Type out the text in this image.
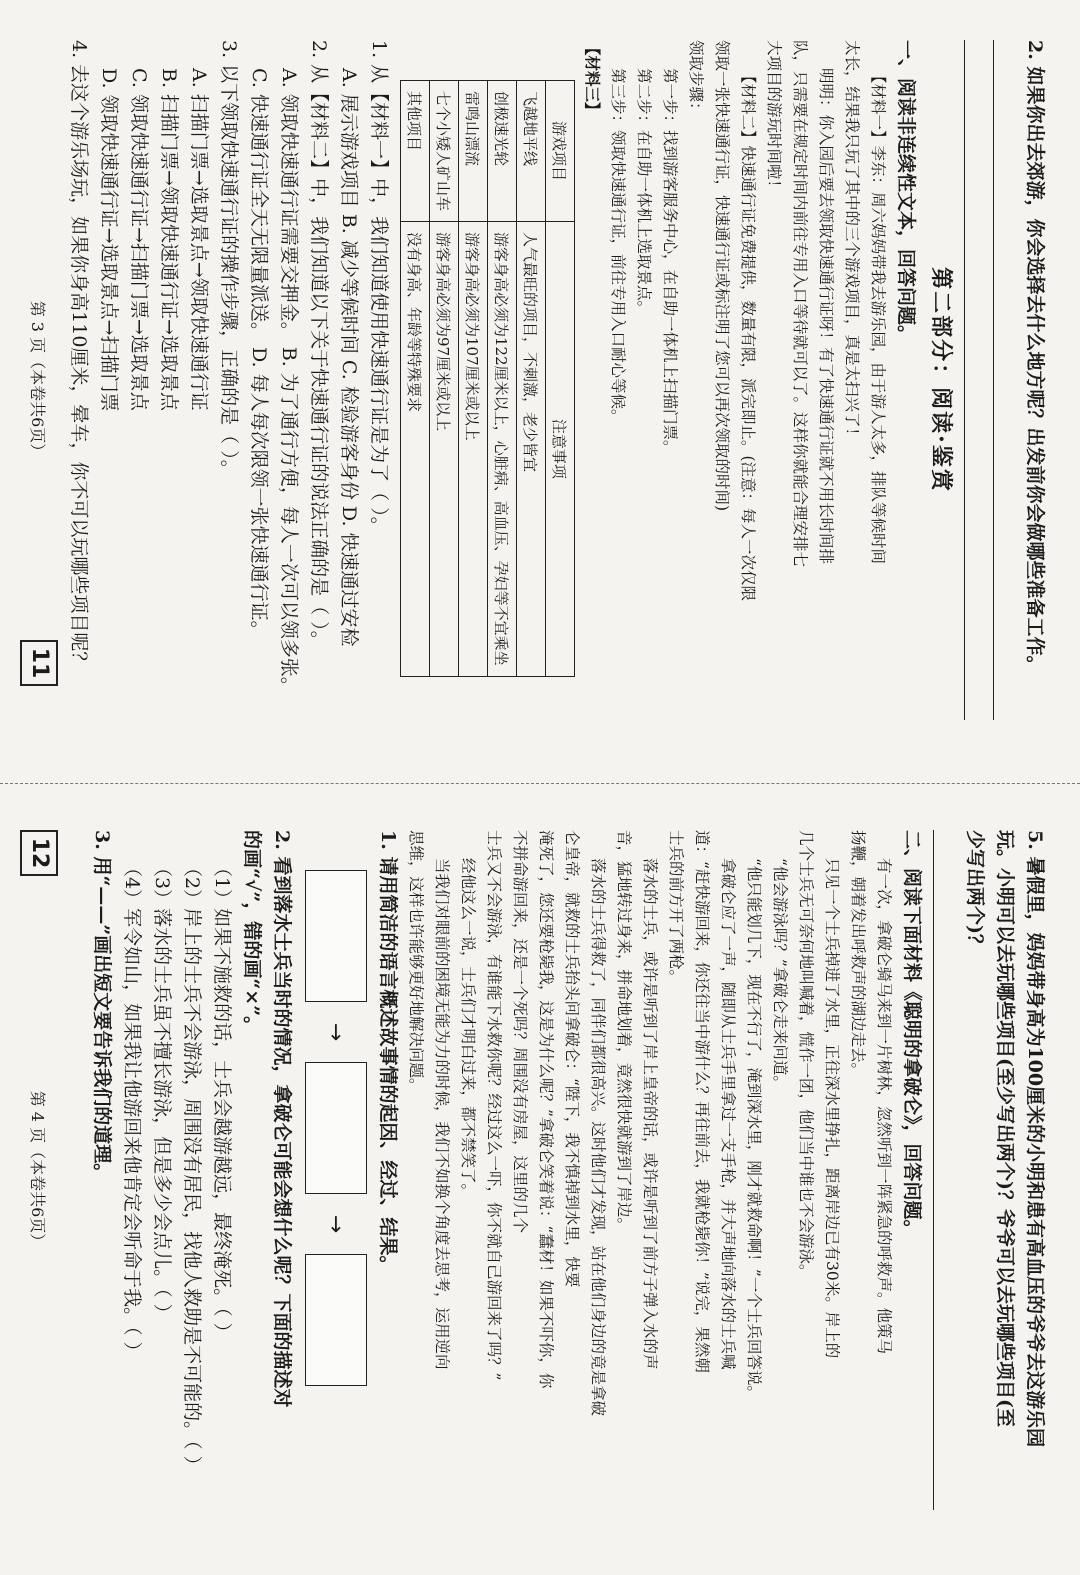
2. 如果你出去郊游，你会选择去什么地方呢？出发前你会做哪些准备工作。
第二部分：阅读·鉴赏
一、阅读非连续性文本，回答问题。
【材料一】李东：周六妈妈带我去游乐园，由于游人太多，排队等候时间
太长，结果我只玩了其中的三个游戏项目，真是太扫兴了！
明明：你入园后要去领取快速通行证呀！有了快速通行证就不用长时间排
队，只需要在规定时间内前往专用入口等待就可以了。这样你就能合理安排七
大项目的游玩时间啦！
【材料二】快速通行证免费提供，数量有限，派完即止。(注意：每人一次仅限
领取一张快速通行证，快速通行证或标注明了您可以再次领取的时间)
领取步骤：
第一步：找到游客服务中心，在自助一体机上扫描门票。
第二步：在自助一体机上选取景点。
第三步：领取快速通行证，前往专用入口耐心等候。
【材料三】
游戏项目	注意事项
飞越地平线	人气最旺的项目，不刺激，老少皆宜
创极速光轮	游客身高必须为122厘米以上，心脏病、高血压、孕妇等不宜乘坐
雷鸣山漂流	游客身高必须为107厘米或以上
七个小矮人矿山车	游客身高必须为97厘米或以上
其他项目	没有身高、年龄等特殊要求
1. 从【材料一】中，我们知道使用快速通行证是为了（ ）。
A. 展示游戏项目 B. 减少等候时间 C. 检验游客身份 D. 快速通过安检
2. 从【材料二】中，我们知道以下关于快速通行证的说法正确的是（ ）。
A. 领取快速通行证需要交押金。 B. 为了通行方便，每人一次可以领多张。
C. 快速通行证全天无限量派送。 D. 每人每次限领一张快速通行证。
3. 以下领取快速通行证的操作步骤，正确的是（ ）。
A. 扫描门票→选取景点→领取快速通行证
B. 扫描门票→领取快速通行证→选取景点
C. 领取快速通行证→扫描门票→选取景点
D. 领取快速通行证→选取景点→扫描门票
4. 去这个游乐场玩，如果你身高110厘米，晕车，你不可以玩哪些项目呢？
第 3 页（本卷共6页）
11
5. 暑假里，妈妈带身高为100厘米的小明和患有高血压的爷爷去这游乐园
玩。小明可以去玩哪些项目(至少写出两个)？爷爷可以去玩哪些项目(至
少写出两个)？
二、阅读下面材料《聪明的拿破仑》，回答问题。
有一次，拿破仑骑马来到一片树林，忽然听到一阵紧急的呼救声。他策马
扬鞭，朝着发出呼救声的湖边走去。
只见一个士兵掉进了水里，正往深水里挣扎，距离岸边已有30米。岸上的
几个士兵无可奈何地叫喊着，慌作一团，他们当中谁也不会游泳。
“他会游泳吗？”拿破仑走来问道。
“他只能划几下，现在不行了，淹到深水里，刚才就救命啊！”一个士兵回答说。
拿破仑应了一声，随即从士兵手里拿过一支手枪，并大声地向落水的士兵喊
道：“赶快游回来，你还往当中游什么？再往前去，我就枪毙你！”说完，果然朝
士兵的前方开了两枪。
落水的士兵，或许是听到了岸上皇帝的话，或许是听到了前方子弹入水的声
音，猛地转过身来，拼命地划着，竟然很快就游到了岸边。
落水的士兵得救了，同伴们都很高兴。这时他们才发现，站在他们身边的竟是拿破
仑皇帝，就救的士兵抬头问拿破仑：“陛下，我不慎掉到水里，快要
淹死了，您还要枪毙我，这是为什么呢？”拿破仑笑着说：“蠢材！如果不吓你，你
不拼命游回来，还是一个死吗？周围没有房屋，这里的几个
士兵又不会游泳，有谁能下水救你呢？经过这么一吓，你不就自己游回来了吗？”
经他这么一说，士兵们才明白过来，都不禁笑了。
当我们对眼前的困境无能为力的时候，我们不如换个角度去思考，运用逆向
思维，这样也许能够更好地解决问题。
1. 请用简洁的语言概述故事情的起因、经过、结果。
→
→
2. 看到落水士兵当时的情况，拿破仑可能会想什么呢？下面的描述对
的画“√”，错的画“×”。
（1）如果不施救的话，士兵会越游越远，最终淹死。（ ）
（2）岸上的士兵不会游泳，周围没有居民，找他人救助是不可能的。（ ）
（3）落水的士兵虽不擅长游泳，但是多少会点儿。（ ）
（4）军令如山，如果我让他游回来他肯定会听命于我。（ ）
3. 用“——”画出短文要告诉我们的道理。
第 4 页（本卷共6页）
12
